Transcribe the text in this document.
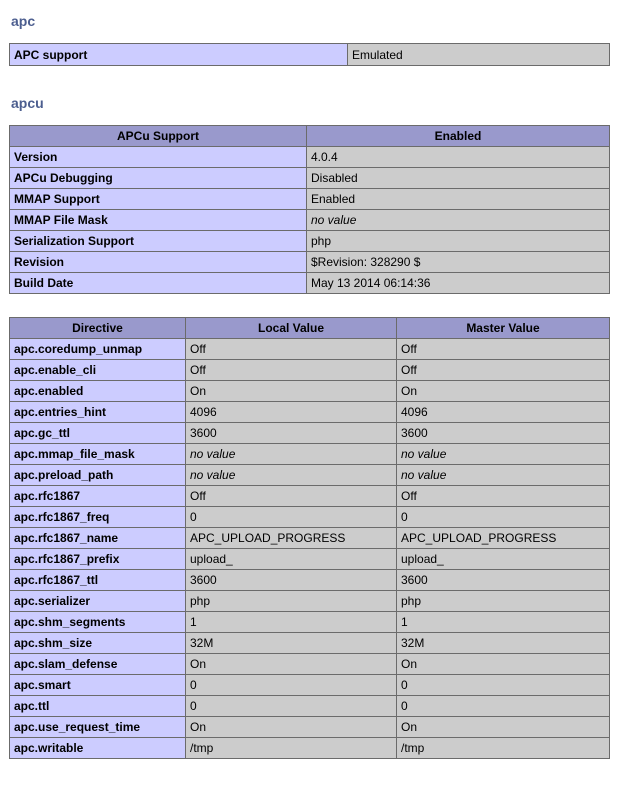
apc
APC support	Emulated
apcu
APCu Support	Enabled
Version	4.0.4
APCu Debugging	Disabled
MMAP Support	Enabled
MMAP File Mask	no value
Serialization Support	php
Revision	$Revision: 328290 $
Build Date	May 13 2014 06:14:36
Directive	Local Value	Master Value
apc.coredump_unmap	Off	Off
apc.enable_cli	Off	Off
apc.enabled	On	On
apc.entries_hint	4096	4096
apc.gc_ttl	3600	3600
apc.mmap_file_mask	no value	no value
apc.preload_path	no value	no value
apc.rfc1867	Off	Off
apc.rfc1867_freq	0	0
apc.rfc1867_name	APC_UPLOAD_PROGRESS	APC_UPLOAD_PROGRESS
apc.rfc1867_prefix	upload_	upload_
apc.rfc1867_ttl	3600	3600
apc.serializer	php	php
apc.shm_segments	1	1
apc.shm_size	32M	32M
apc.slam_defense	On	On
apc.smart	0	0
apc.ttl	0	0
apc.use_request_time	On	On
apc.writable	/tmp	/tmp
